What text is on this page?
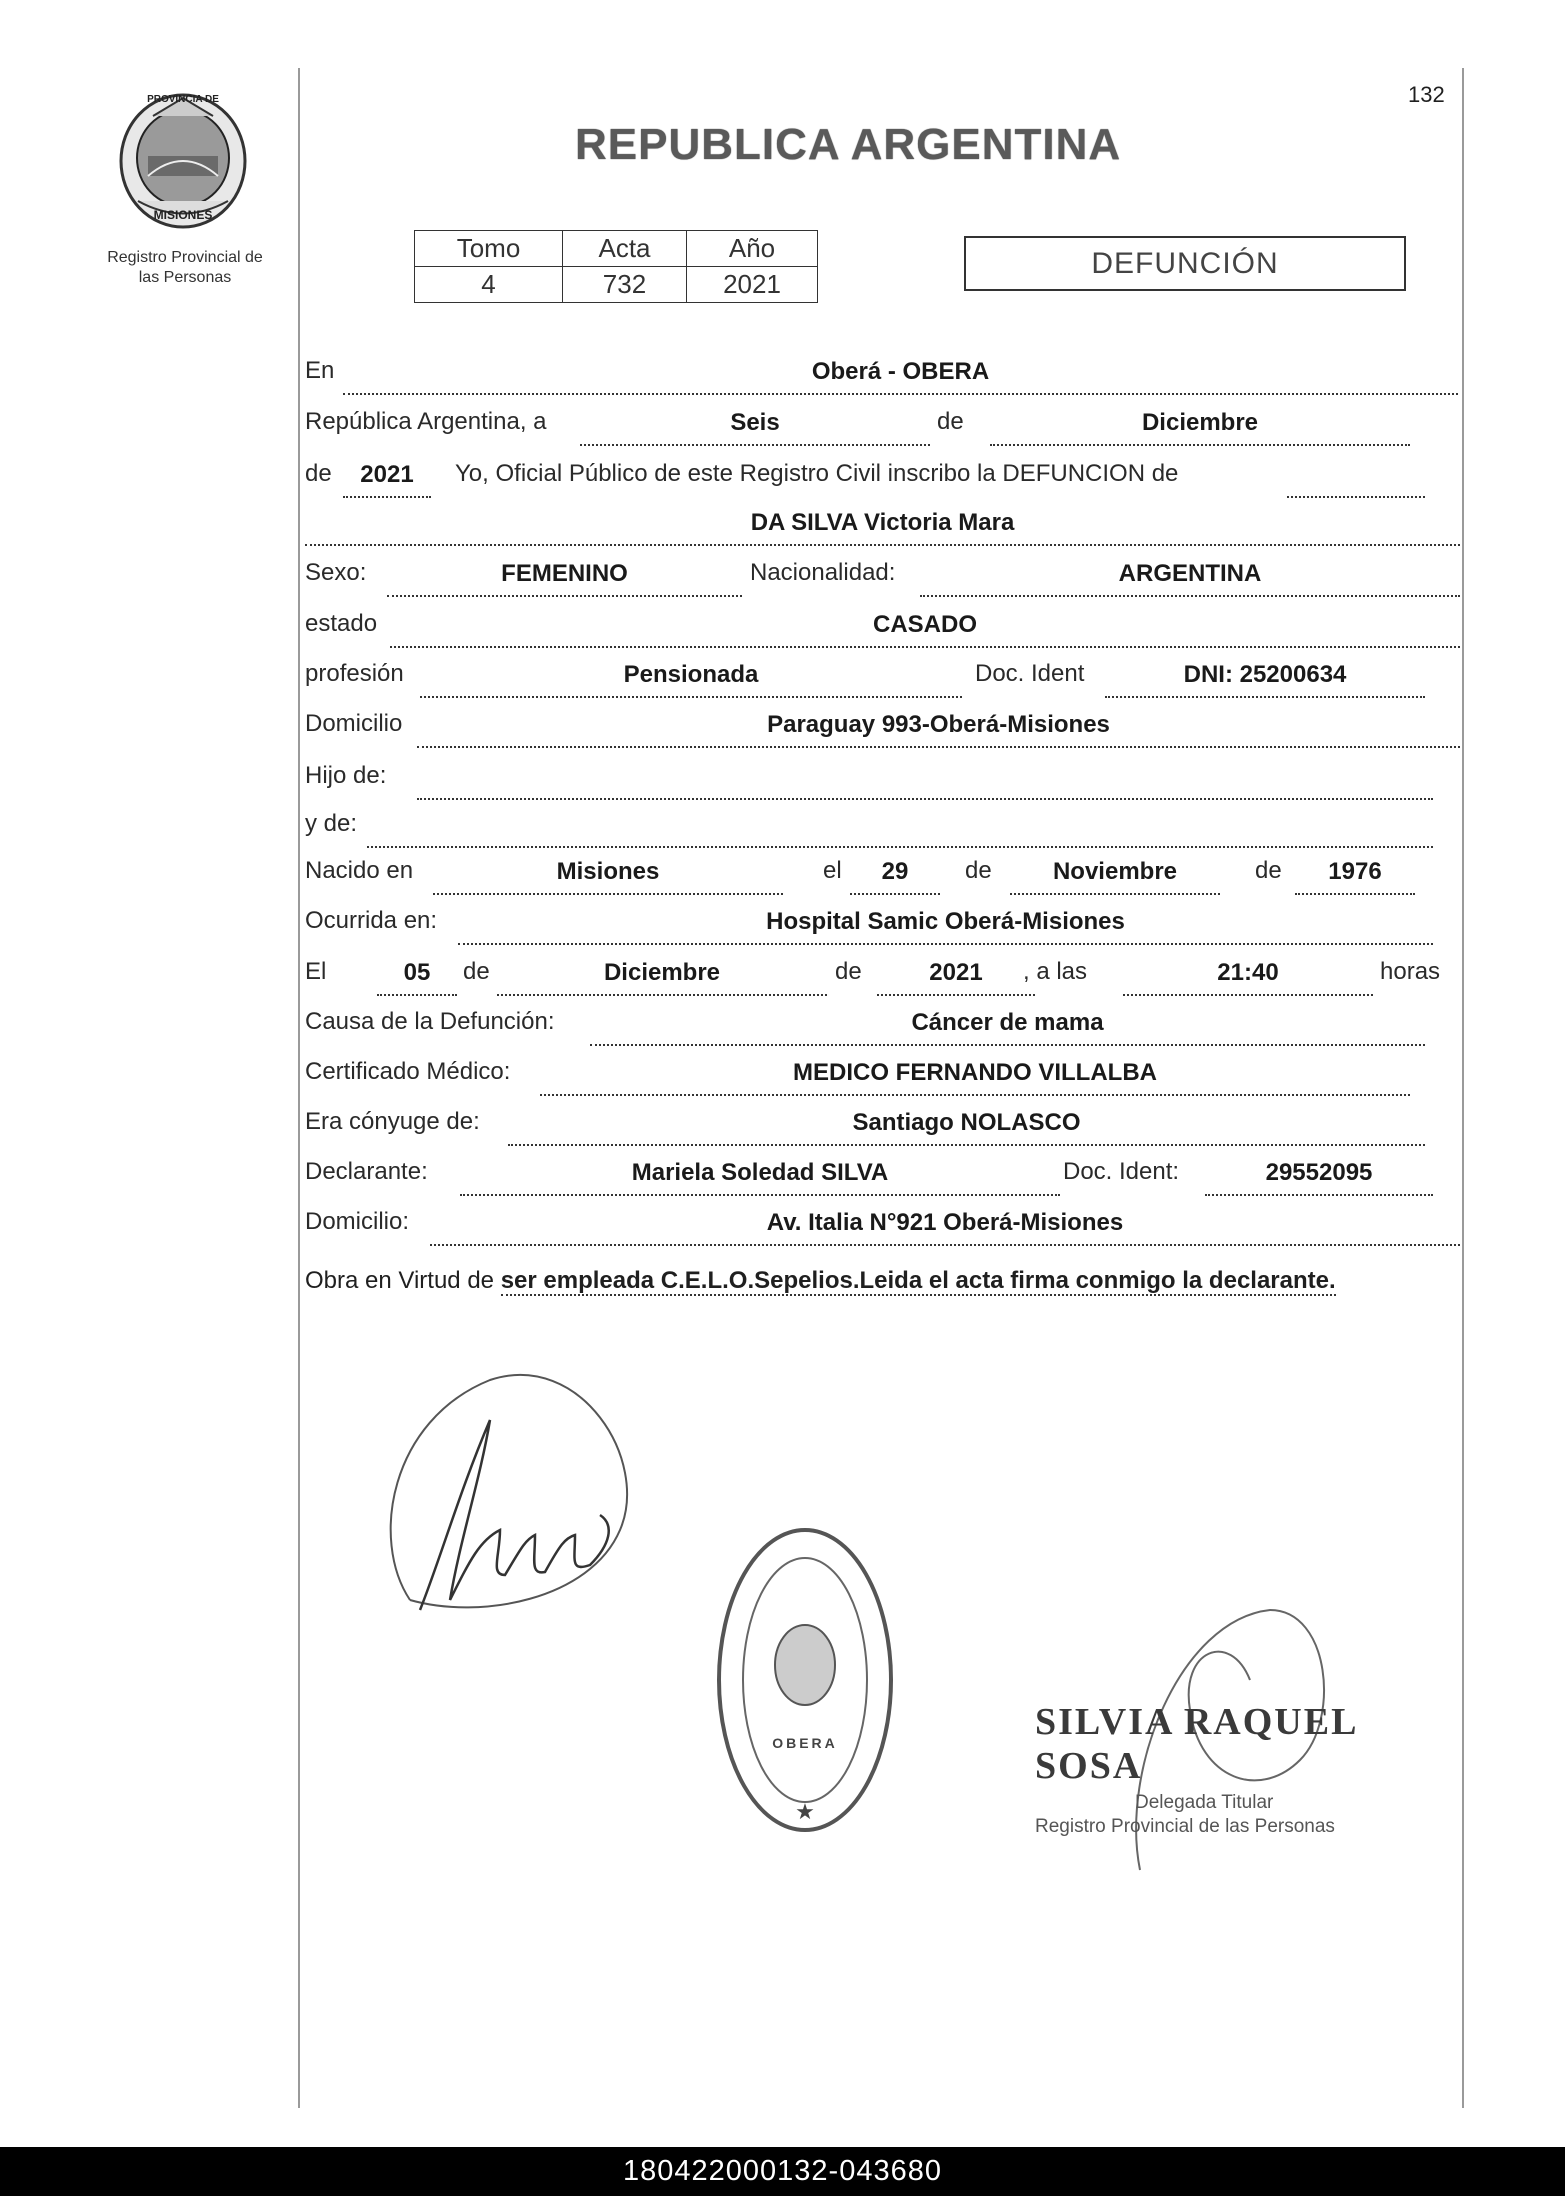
132
PROVINCIA DE
MISIONES
Registro Provincial de
las Personas
REPUBLICA ARGENTINA
Tomo	Acta	Año
4	732	2021
DEFUNCIÓN
En	Oberá - OBERA
República Argentina, a	Seis	de	Diciembre
de	2021	Yo, Oficial Público de este Registro Civil inscribo la DEFUNCION de
DA SILVA Victoria Mara
Sexo:	FEMENINO	Nacionalidad:	ARGENTINA
estado	CASADO
profesión	Pensionada	Doc. Ident	DNI: 25200634
Domicilio	Paraguay 993-Oberá-Misiones
Hijo de:
y de:
Nacido en	Misiones	el	29	de	Noviembre	de	1976
Ocurrida en:	Hospital Samic Oberá-Misiones
El	05	de	Diciembre	de	2021	, a las	21:40	horas
Causa de la Defunción:	Cáncer de mama
Certificado Médico:	MEDICO FERNANDO VILLALBA
Era cónyuge de:	Santiago NOLASCO
Declarante:	Mariela Soledad SILVA	Doc. Ident:	29552095
Domicilio:	Av. Italia N°921 Oberá-Misiones
Obra en Virtud de ser empleada C.E.L.O.Sepelios.Leida el acta firma conmigo la declarante.
★
OBERA	SILVIA RAQUEL SOSA
Delegada Titular
Registro Provincial de las Personas
180422000132-043680
